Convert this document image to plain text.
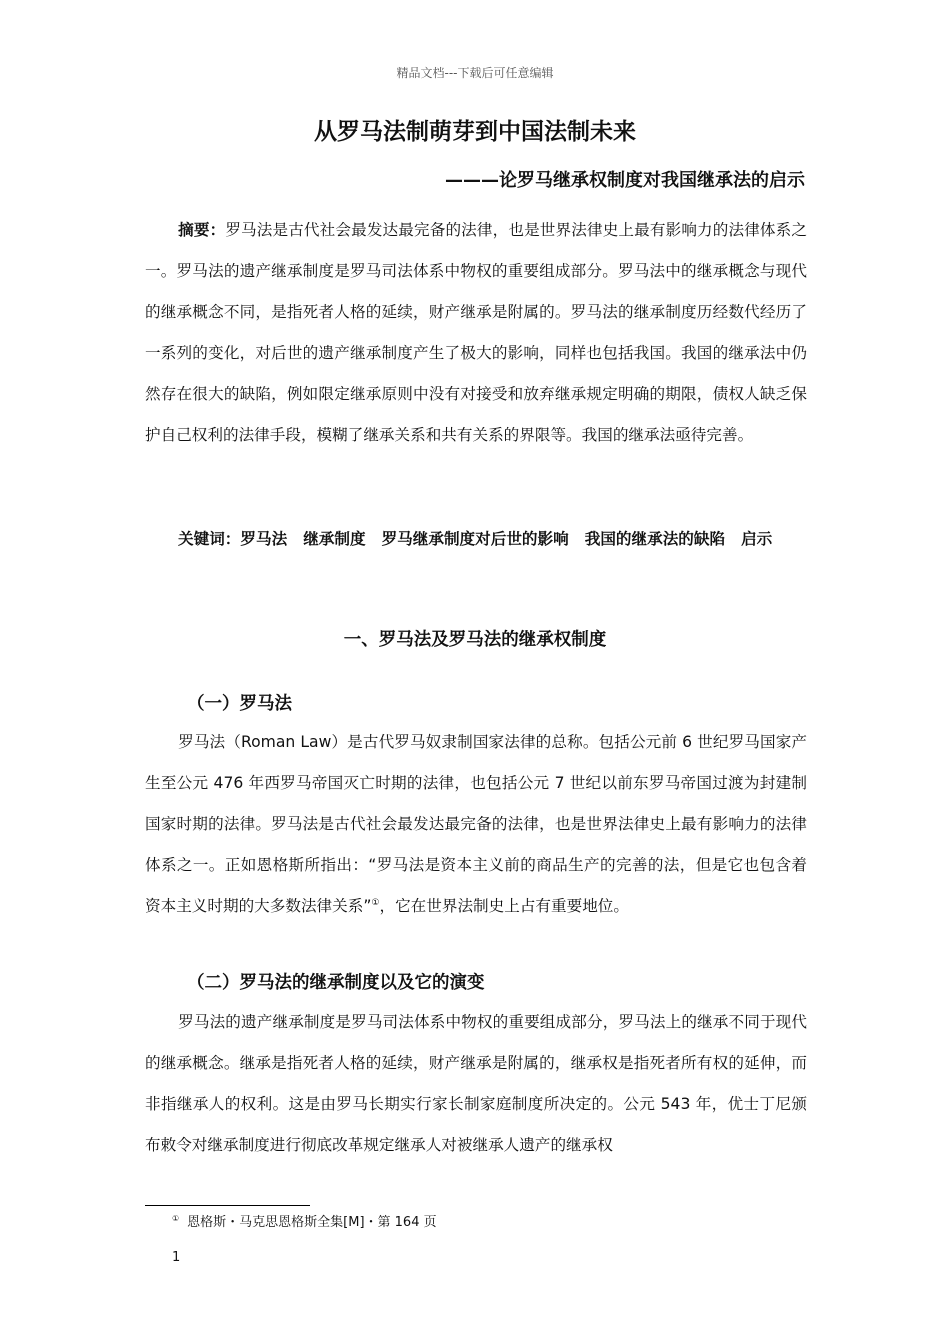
精品文档---下载后可任意编辑
从罗马法制萌芽到中国法制未来
———论罗马继承权制度对我国继承法的启示
摘要：罗马法是古代社会最发达最完备的法律，也是世界法律史上最有影响力的法律体系之一。罗马法的遗产继承制度是罗马司法体系中物权的重要组成部分。罗马法中的继承概念与现代的继承概念不同，是指死者人格的延续，财产继承是附属的。罗马法的继承制度历经数代经历了一系列的变化，对后世的遗产继承制度产生了极大的影响，同样也包括我国。我国的继承法中仍然存在很大的缺陷，例如限定继承原则中没有对接受和放弃继承规定明确的期限，债权人缺乏保护自己权利的法律手段，模糊了继承关系和共有关系的界限等。我国的继承法亟待完善。
关键词：罗马法 继承制度 罗马继承制度对后世的影响 我国的继承法的缺陷 启示
一、罗马法及罗马法的继承权制度
（一）罗马法
罗马法（Roman Law）是古代罗马奴隶制国家法律的总称。包括公元前 6 世纪罗马国家产生至公元 476 年西罗马帝国灭亡时期的法律，也包括公元 7 世纪以前东罗马帝国过渡为封建制国家时期的法律。罗马法是古代社会最发达最完备的法律，也是世界法律史上最有影响力的法律体系之一。正如恩格斯所指出：“罗马法是资本主义前的商品生产的完善的法，但是它也包含着资本主义时期的大多数法律关系”①，它在世界法制史上占有重要地位。
（二）罗马法的继承制度以及它的演变
罗马法的遗产继承制度是罗马司法体系中物权的重要组成部分，罗马法上的继承不同于现代的继承概念。继承是指死者人格的延续，财产继承是附属的，继承权是指死者所有权的延伸，而非指继承人的权利。这是由罗马长期实行家长制家庭制度所决定的。公元 543 年，优士丁尼颁布敕令对继承制度进行彻底改革规定继承人对被继承人遗产的继承权
① 恩格斯・马克思恩格斯全集[M]・第 164 页
1
